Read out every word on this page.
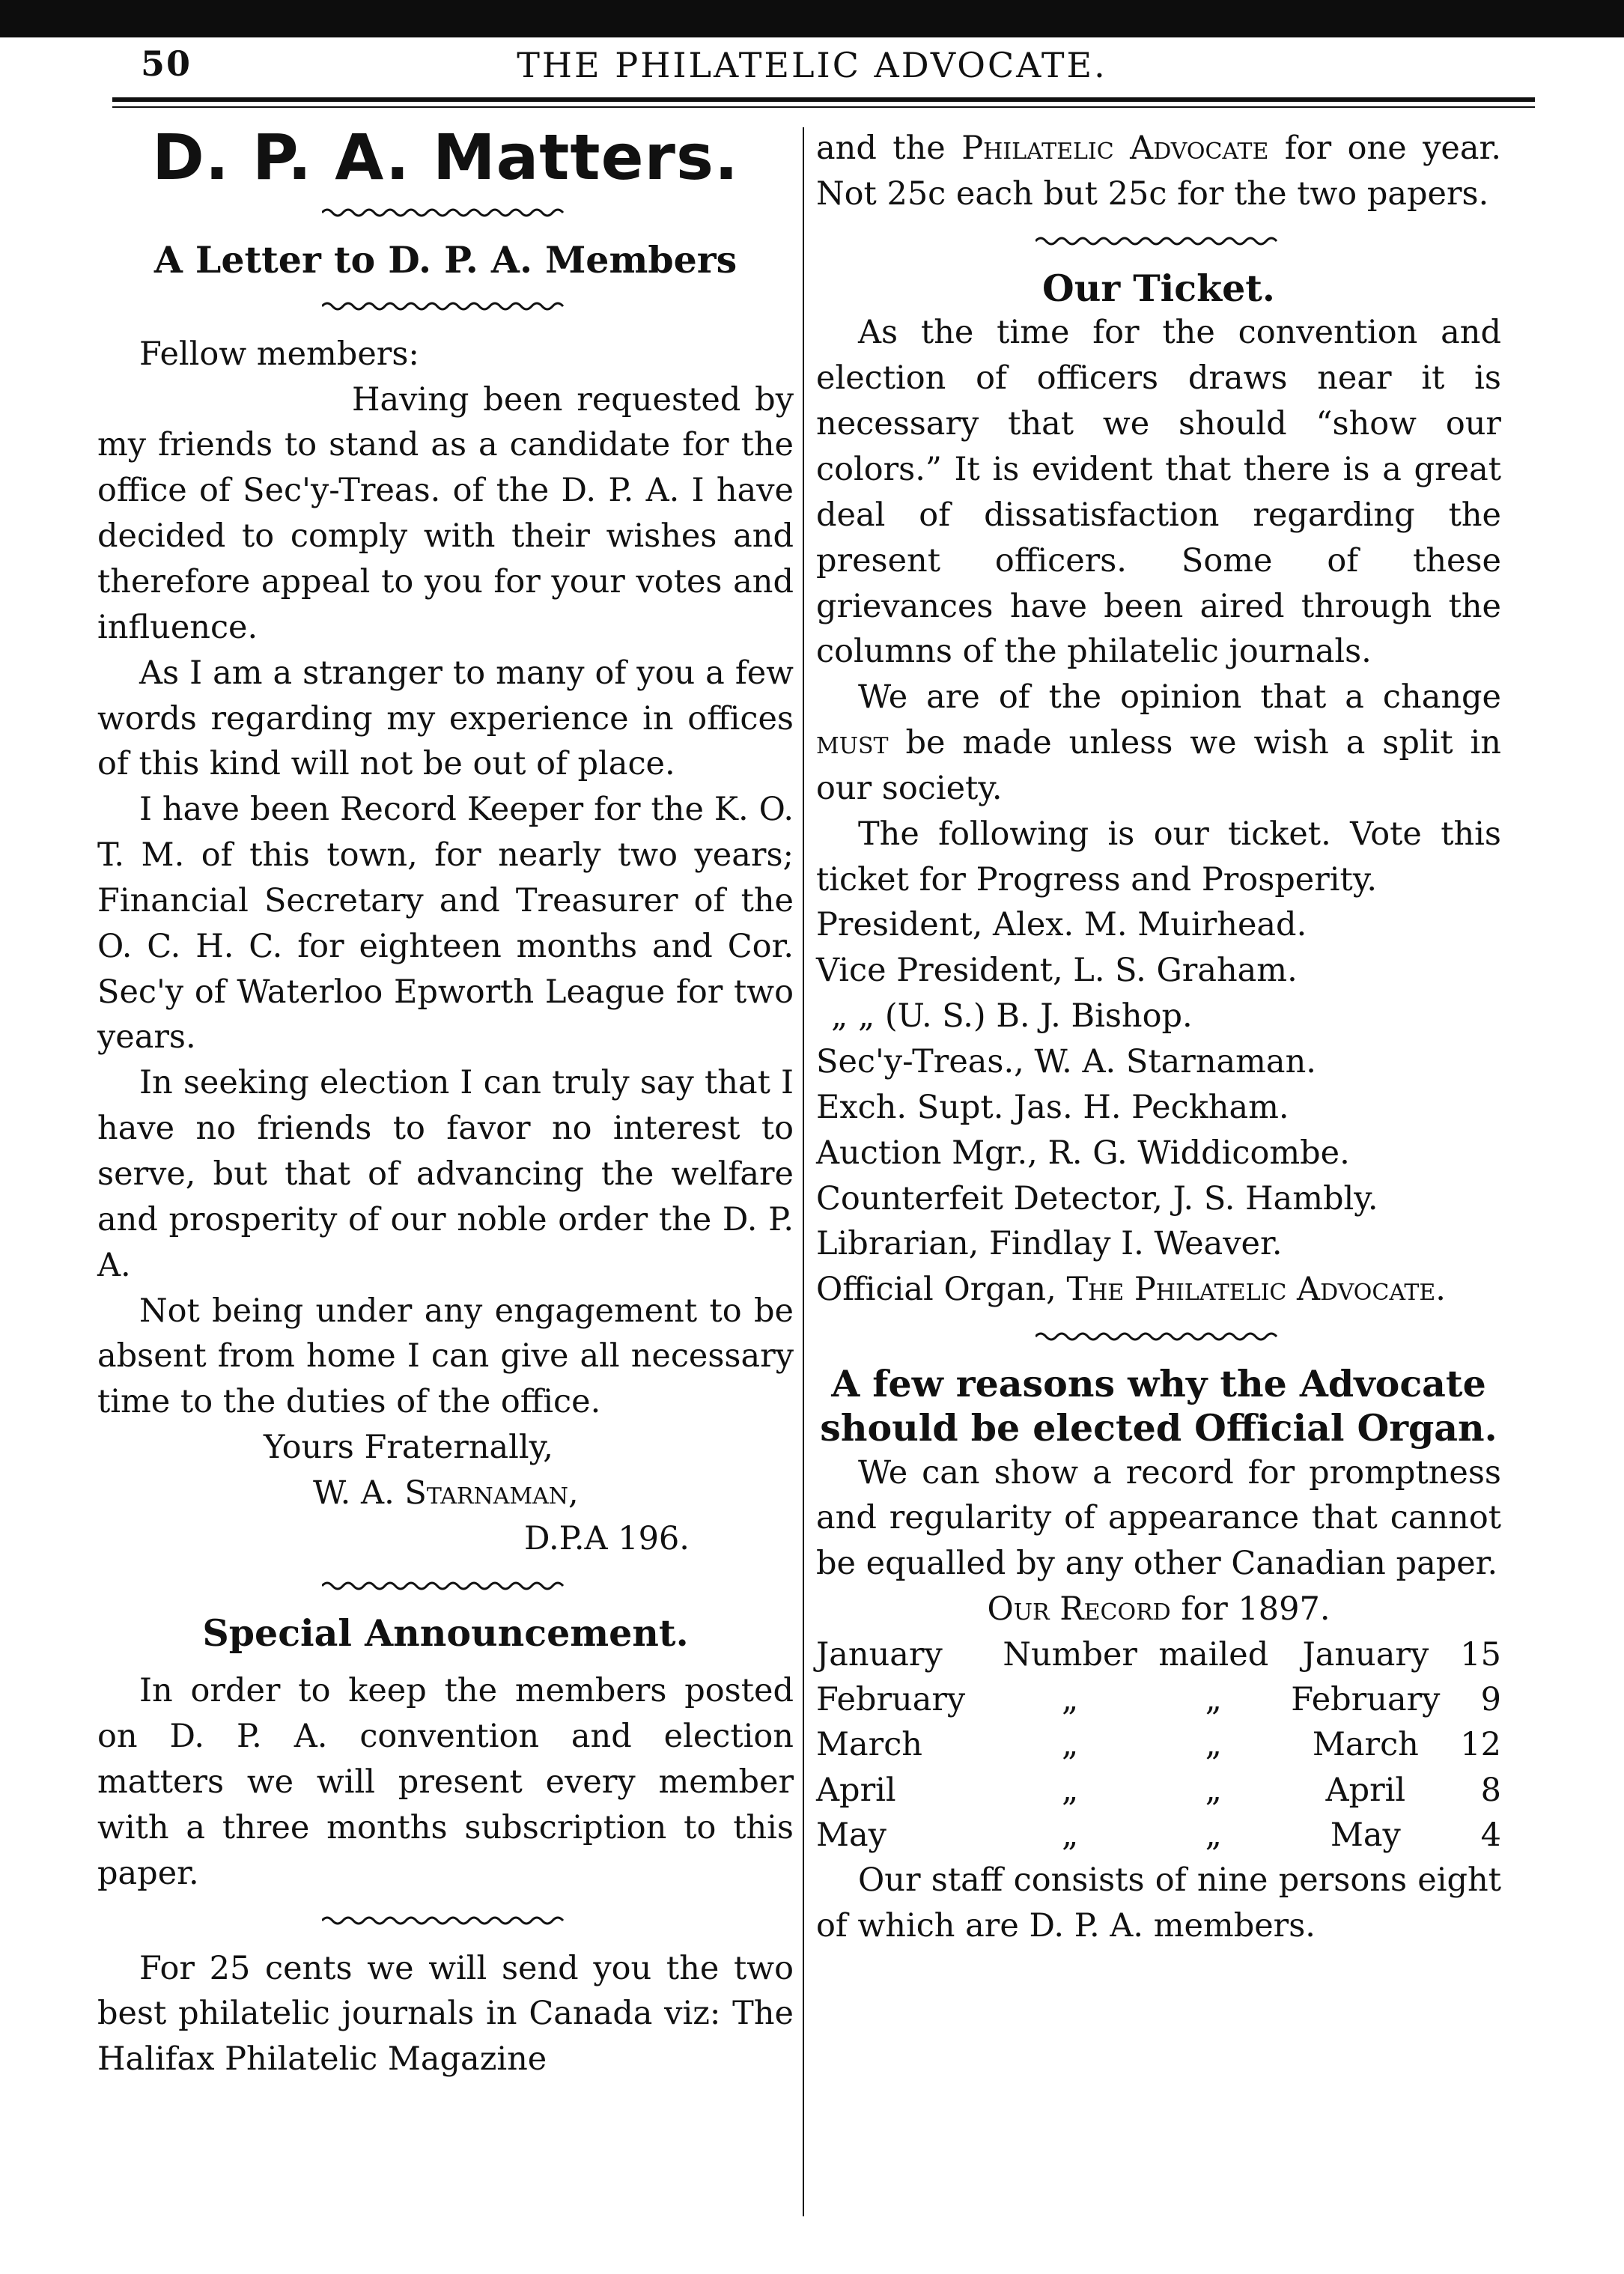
50	THE PHILATELIC ADVOCATE.
D. P. A. Matters.
A Letter to D. P. A. Members

Fellow members:

Having been requested by my friends to stand as a candidate for the office of Sec'y-Treas. of the D. P. A. I have decided to comply with their wishes and therefore appeal to you for your votes and influence.

As I am a stranger to many of you a few words regarding my experience in offices of this kind will not be out of place.

I have been Record Keeper for the K. O. T. M. of this town, for nearly two years; Financial Secretary and Treasurer of the O. C. H. C. for eighteen months and Cor. Sec'y of Waterloo Epworth League for two years.

In seeking election I can truly say that I have no friends to favor no interest to serve, but that of advancing the welfare and prosperity of our noble order the D. P. A.

Not being under any engagement to be absent from home I can give all necessary time to the duties of the office.

Yours Fraternally,

W. A. Starnaman,

D.P.A 196.

Special Announcement.

In order to keep the members posted on D. P. A. convention and election matters we will present every member with a three months subscription to this paper.

For 25 cents we will send you the two best philatelic journals in Canada viz: The Halifax Philatelic Magazine

and the Philatelic Advocate for one year. Not 25c each but 25c for the two papers.

Our Ticket.

As the time for the convention and election of officers draws near it is necessary that we should “show our colors.” It is evident that there is a great deal of dissatisfaction regarding the present officers. Some of these grievances have been aired through the columns of the philatelic journals.

We are of the opinion that a change must be made unless we wish a split in our society.

The following is our ticket. Vote this ticket for Progress and Prosperity.

President, Alex. M. Muirhead.

Vice President, L. S. Graham.

„ „ (U. S.) B. J. Bishop.

Sec'y-Treas., W. A. Starnaman.

Exch. Supt. Jas. H. Peckham.

Auction Mgr., R. G. Widdicombe.

Counterfeit Detector, J. S. Hambly.

Librarian, Findlay I. Weaver.

Official Organ, The Philatelic Advocate.

A few reasons why the Advocate should be elected Official Organ.

We can show a record for promptness and regularity of appearance that cannot be equalled by any other Canadian paper.

Our Record for 1897.

January	Number	mailed	January	15
February	„	„	February	9
March	„	„	March	12
April	„	„	April	8
May	„	„	May	4

Our staff consists of nine persons eight of which are D. P. A. members.
